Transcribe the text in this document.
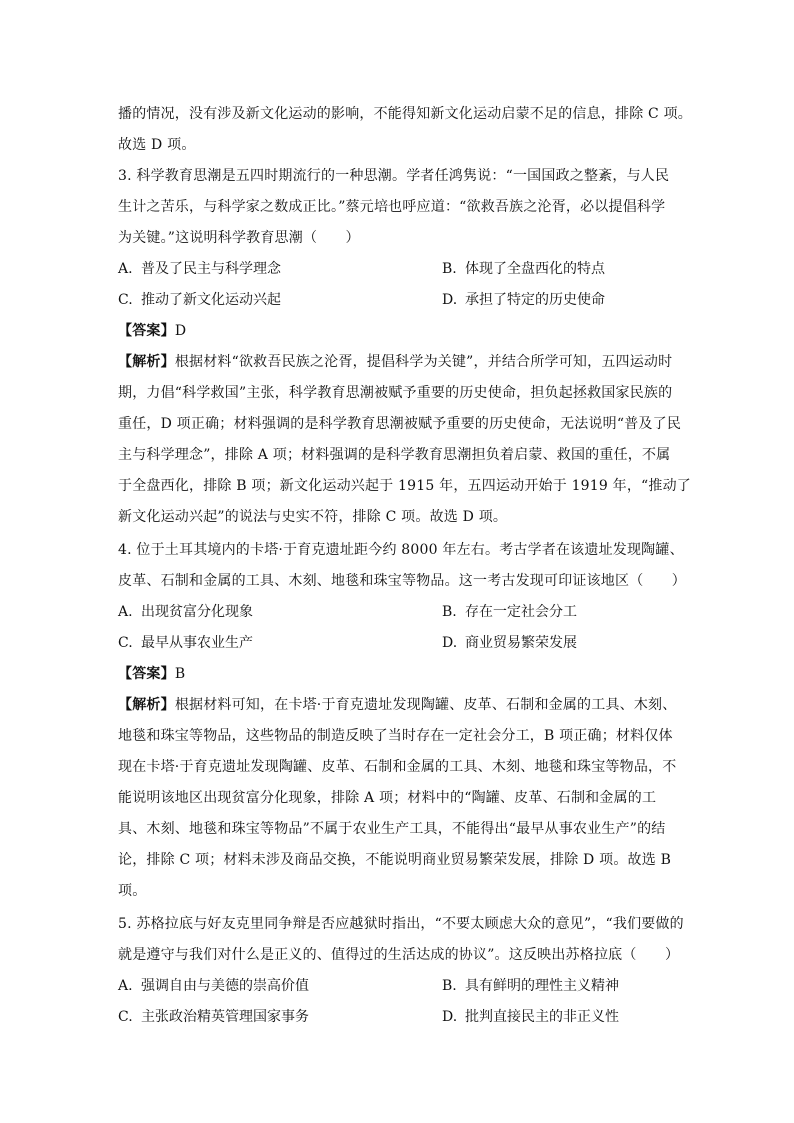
播的情况，没有涉及新文化运动的影响，不能得知新文化运动启蒙不足的信息，排除 C 项。
故选 D 项。
3. 科学教育思潮是五四时期流行的一种思潮。学者任鸿隽说：“一国国政之整紊，与人民
生计之苦乐，与科学家之数成正比。”蔡元培也呼应道：“欲救吾族之沦胥，必以提倡科学
为关键。”这说明科学教育思潮（　　）
A. 普及了民主与科学理念	B. 体现了全盘西化的特点
C. 推动了新文化运动兴起	D. 承担了特定的历史使命
【答案】D
【解析】根据材料“欲救吾民族之沦胥，提倡科学为关键”，并结合所学可知，五四运动时
期，力倡“科学救国”主张，科学教育思潮被赋予重要的历史使命，担负起拯救国家民族的
重任，D 项正确；材料强调的是科学教育思潮被赋予重要的历史使命，无法说明“普及了民
主与科学理念”，排除 A 项；材料强调的是科学教育思潮担负着启蒙、救国的重任，不属
于全盘西化，排除 B 项；新文化运动兴起于 1915 年，五四运动开始于 1919 年，“推动了
新文化运动兴起”的说法与史实不符，排除 C 项。故选 D 项。
4. 位于土耳其境内的卡塔·于育克遗址距今约 8000 年左右。考古学者在该遗址发现陶罐、
皮革、石制和金属的工具、木刻、地毯和珠宝等物品。这一考古发现可印证该地区（　　）
A. 出现贫富分化现象	B. 存在一定社会分工
C. 最早从事农业生产	D. 商业贸易繁荣发展
【答案】B
【解析】根据材料可知，在卡塔·于育克遗址发现陶罐、皮革、石制和金属的工具、木刻、
地毯和珠宝等物品，这些物品的制造反映了当时存在一定社会分工，B 项正确；材料仅体
现在卡塔·于育克遗址发现陶罐、皮革、石制和金属的工具、木刻、地毯和珠宝等物品，不
能说明该地区出现贫富分化现象，排除 A 项；材料中的“陶罐、皮革、石制和金属的工
具、木刻、地毯和珠宝等物品”不属于农业生产工具，不能得出“最早从事农业生产”的结
论，排除 C 项；材料未涉及商品交换，不能说明商业贸易繁荣发展，排除 D 项。故选 B
项。
5. 苏格拉底与好友克里同争辩是否应越狱时指出，“不要太顾虑大众的意见”，“我们要做的
就是遵守与我们对什么是正义的、值得过的生活达成的协议”。这反映出苏格拉底（　　）
A. 强调自由与美德的崇高价值	B. 具有鲜明的理性主义精神
C. 主张政治精英管理国家事务	D. 批判直接民主的非正义性
